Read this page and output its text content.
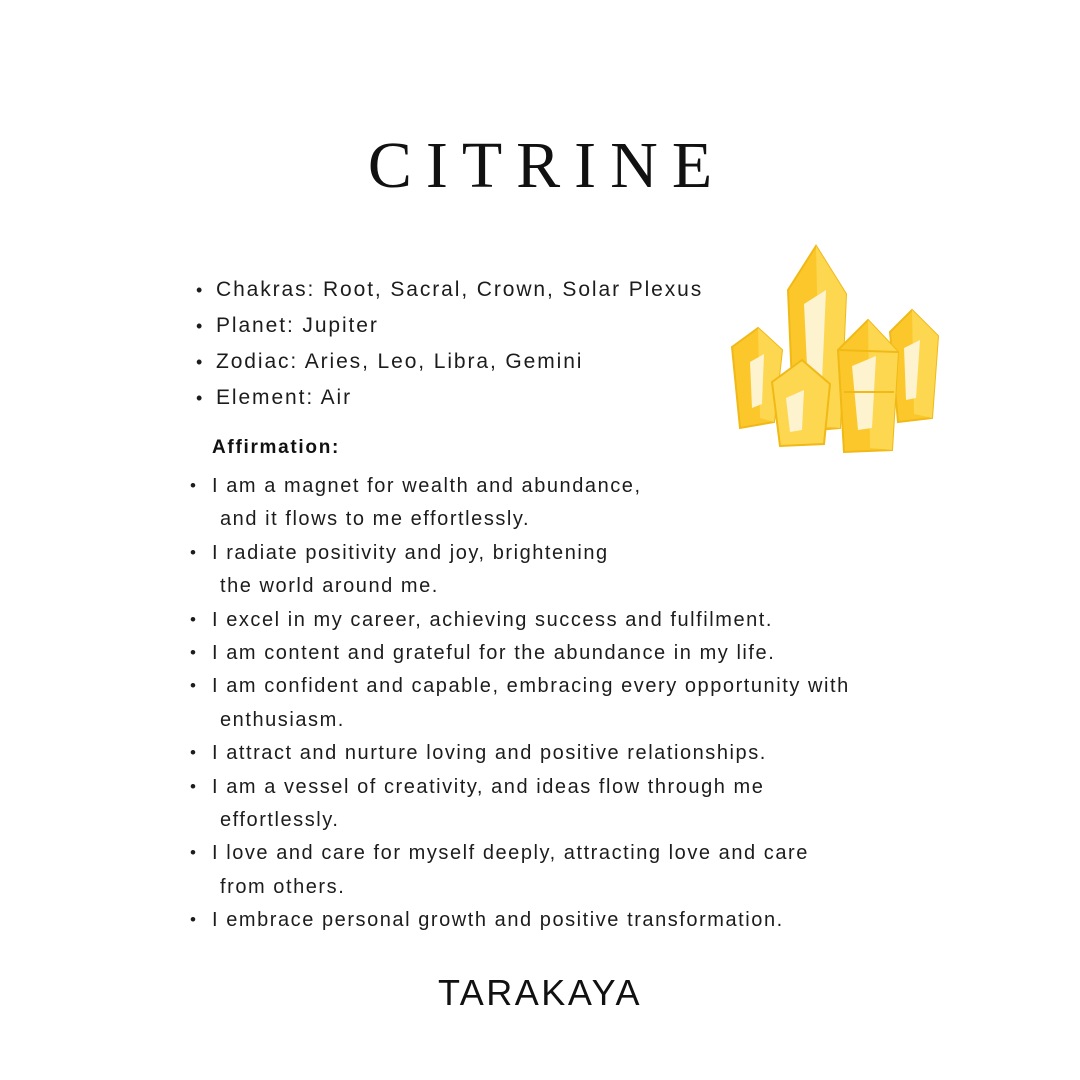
CITRINE
• Chakras: Root, Sacral, Crown, Solar Plexus
• Planet: Jupiter
• Zodiac: Aries, Leo, Libra, Gemini
• Element: Air
Affirmation:
• I am a magnet for wealth and abundance,
and it flows to me effortlessly.
• I radiate positivity and joy, brightening
the world around me.
• I excel in my career, achieving success and fulfilment.
• I am content and grateful for the abundance in my life.
• I am confident and capable, embracing every opportunity with
enthusiasm.
• I attract and nurture loving and positive relationships.
• I am a vessel of creativity, and ideas flow through me
effortlessly.
• I love and care for myself deeply, attracting love and care
from others.
• I embrace personal growth and positive transformation.
TARAKAYA
